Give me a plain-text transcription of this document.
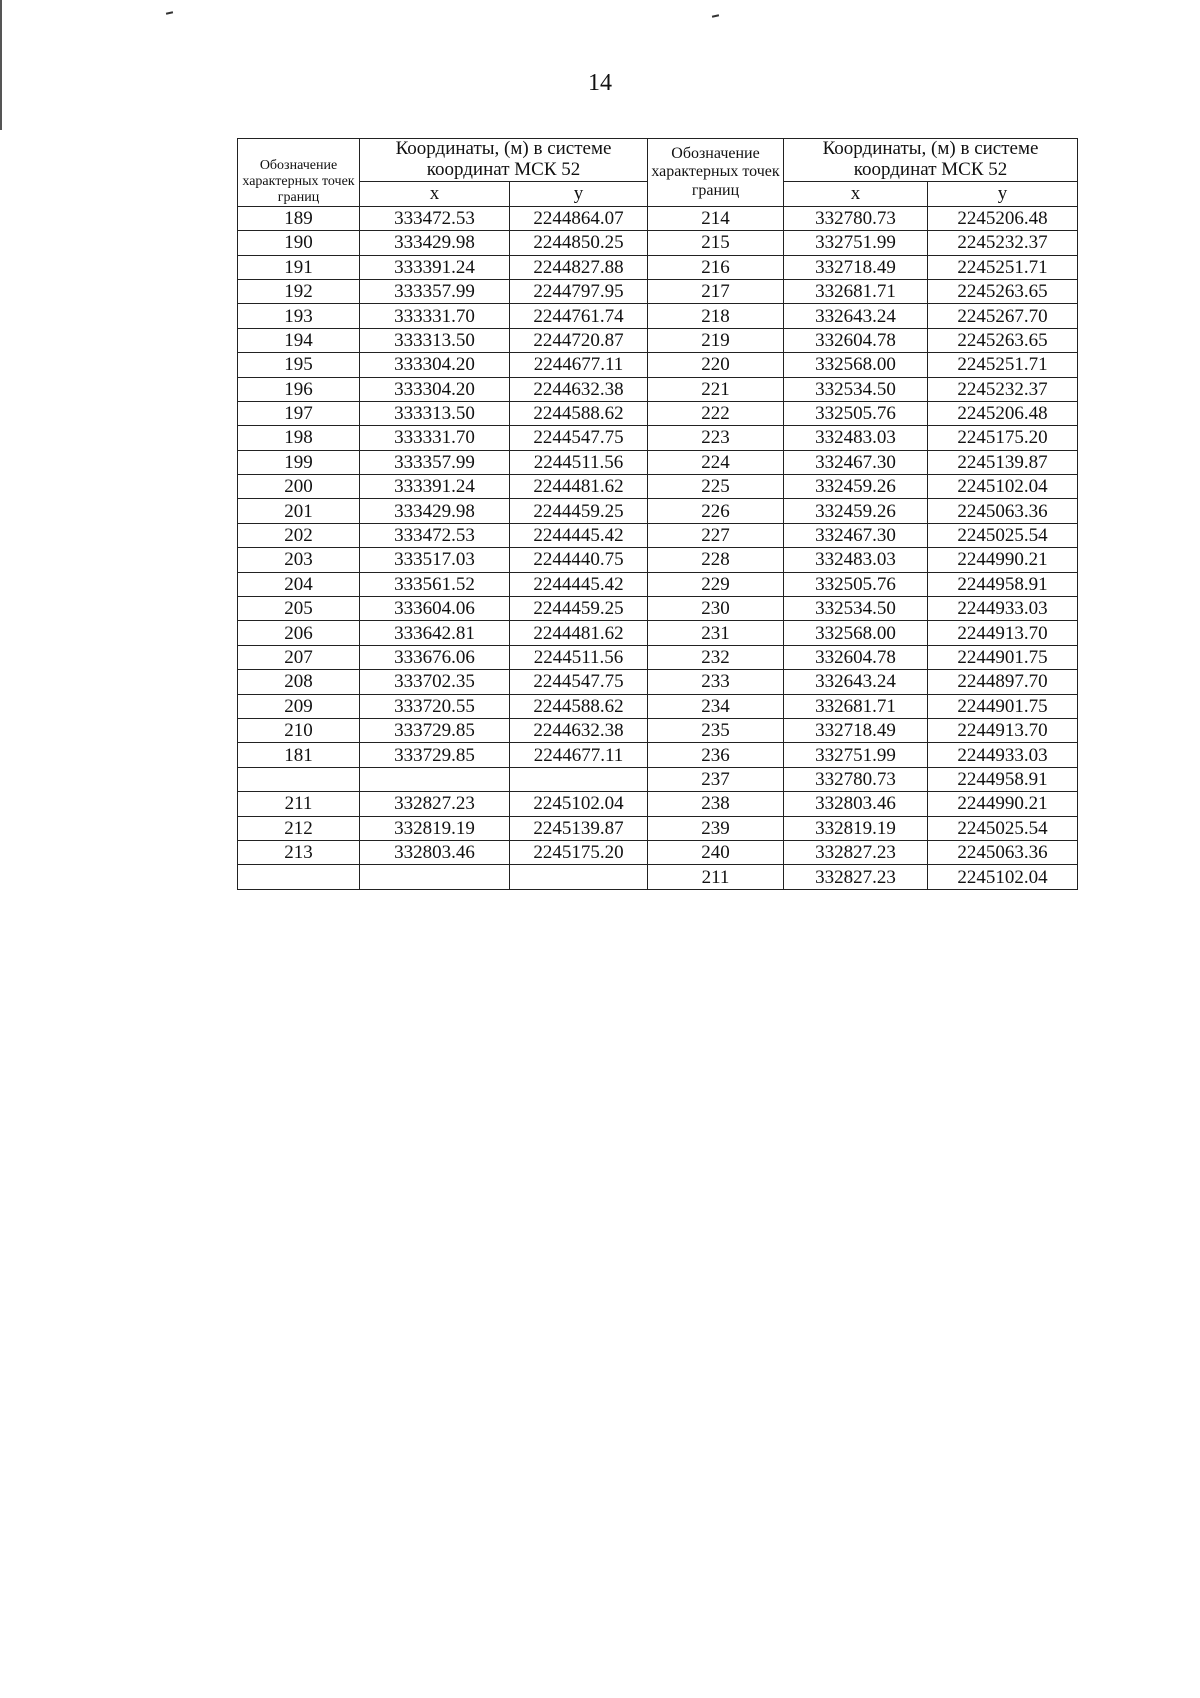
14
Обозначение характерных точек границ	Координаты, (м) в системе координат МСК 52		Обозначение характерных точек границ	Координаты, (м) в системе координат МСК 52	
	x	y		x	y
189	333472.53	2244864.07	214	332780.73	2245206.48
190	333429.98	2244850.25	215	332751.99	2245232.37
191	333391.24	2244827.88	216	332718.49	2245251.71
192	333357.99	2244797.95	217	332681.71	2245263.65
193	333331.70	2244761.74	218	332643.24	2245267.70
194	333313.50	2244720.87	219	332604.78	2245263.65
195	333304.20	2244677.11	220	332568.00	2245251.71
196	333304.20	2244632.38	221	332534.50	2245232.37
197	333313.50	2244588.62	222	332505.76	2245206.48
198	333331.70	2244547.75	223	332483.03	2245175.20
199	333357.99	2244511.56	224	332467.30	2245139.87
200	333391.24	2244481.62	225	332459.26	2245102.04
201	333429.98	2244459.25	226	332459.26	2245063.36
202	333472.53	2244445.42	227	332467.30	2245025.54
203	333517.03	2244440.75	228	332483.03	2244990.21
204	333561.52	2244445.42	229	332505.76	2244958.91
205	333604.06	2244459.25	230	332534.50	2244933.03
206	333642.81	2244481.62	231	332568.00	2244913.70
207	333676.06	2244511.56	232	332604.78	2244901.75
208	333702.35	2244547.75	233	332643.24	2244897.70
209	333720.55	2244588.62	234	332681.71	2244901.75
210	333729.85	2244632.38	235	332718.49	2244913.70
181	333729.85	2244677.11	236	332751.99	2244933.03
			237	332780.73	2244958.91
211	332827.23	2245102.04	238	332803.46	2244990.21
212	332819.19	2245139.87	239	332819.19	2245025.54
213	332803.46	2245175.20	240	332827.23	2245063.36
			211	332827.23	2245102.04
